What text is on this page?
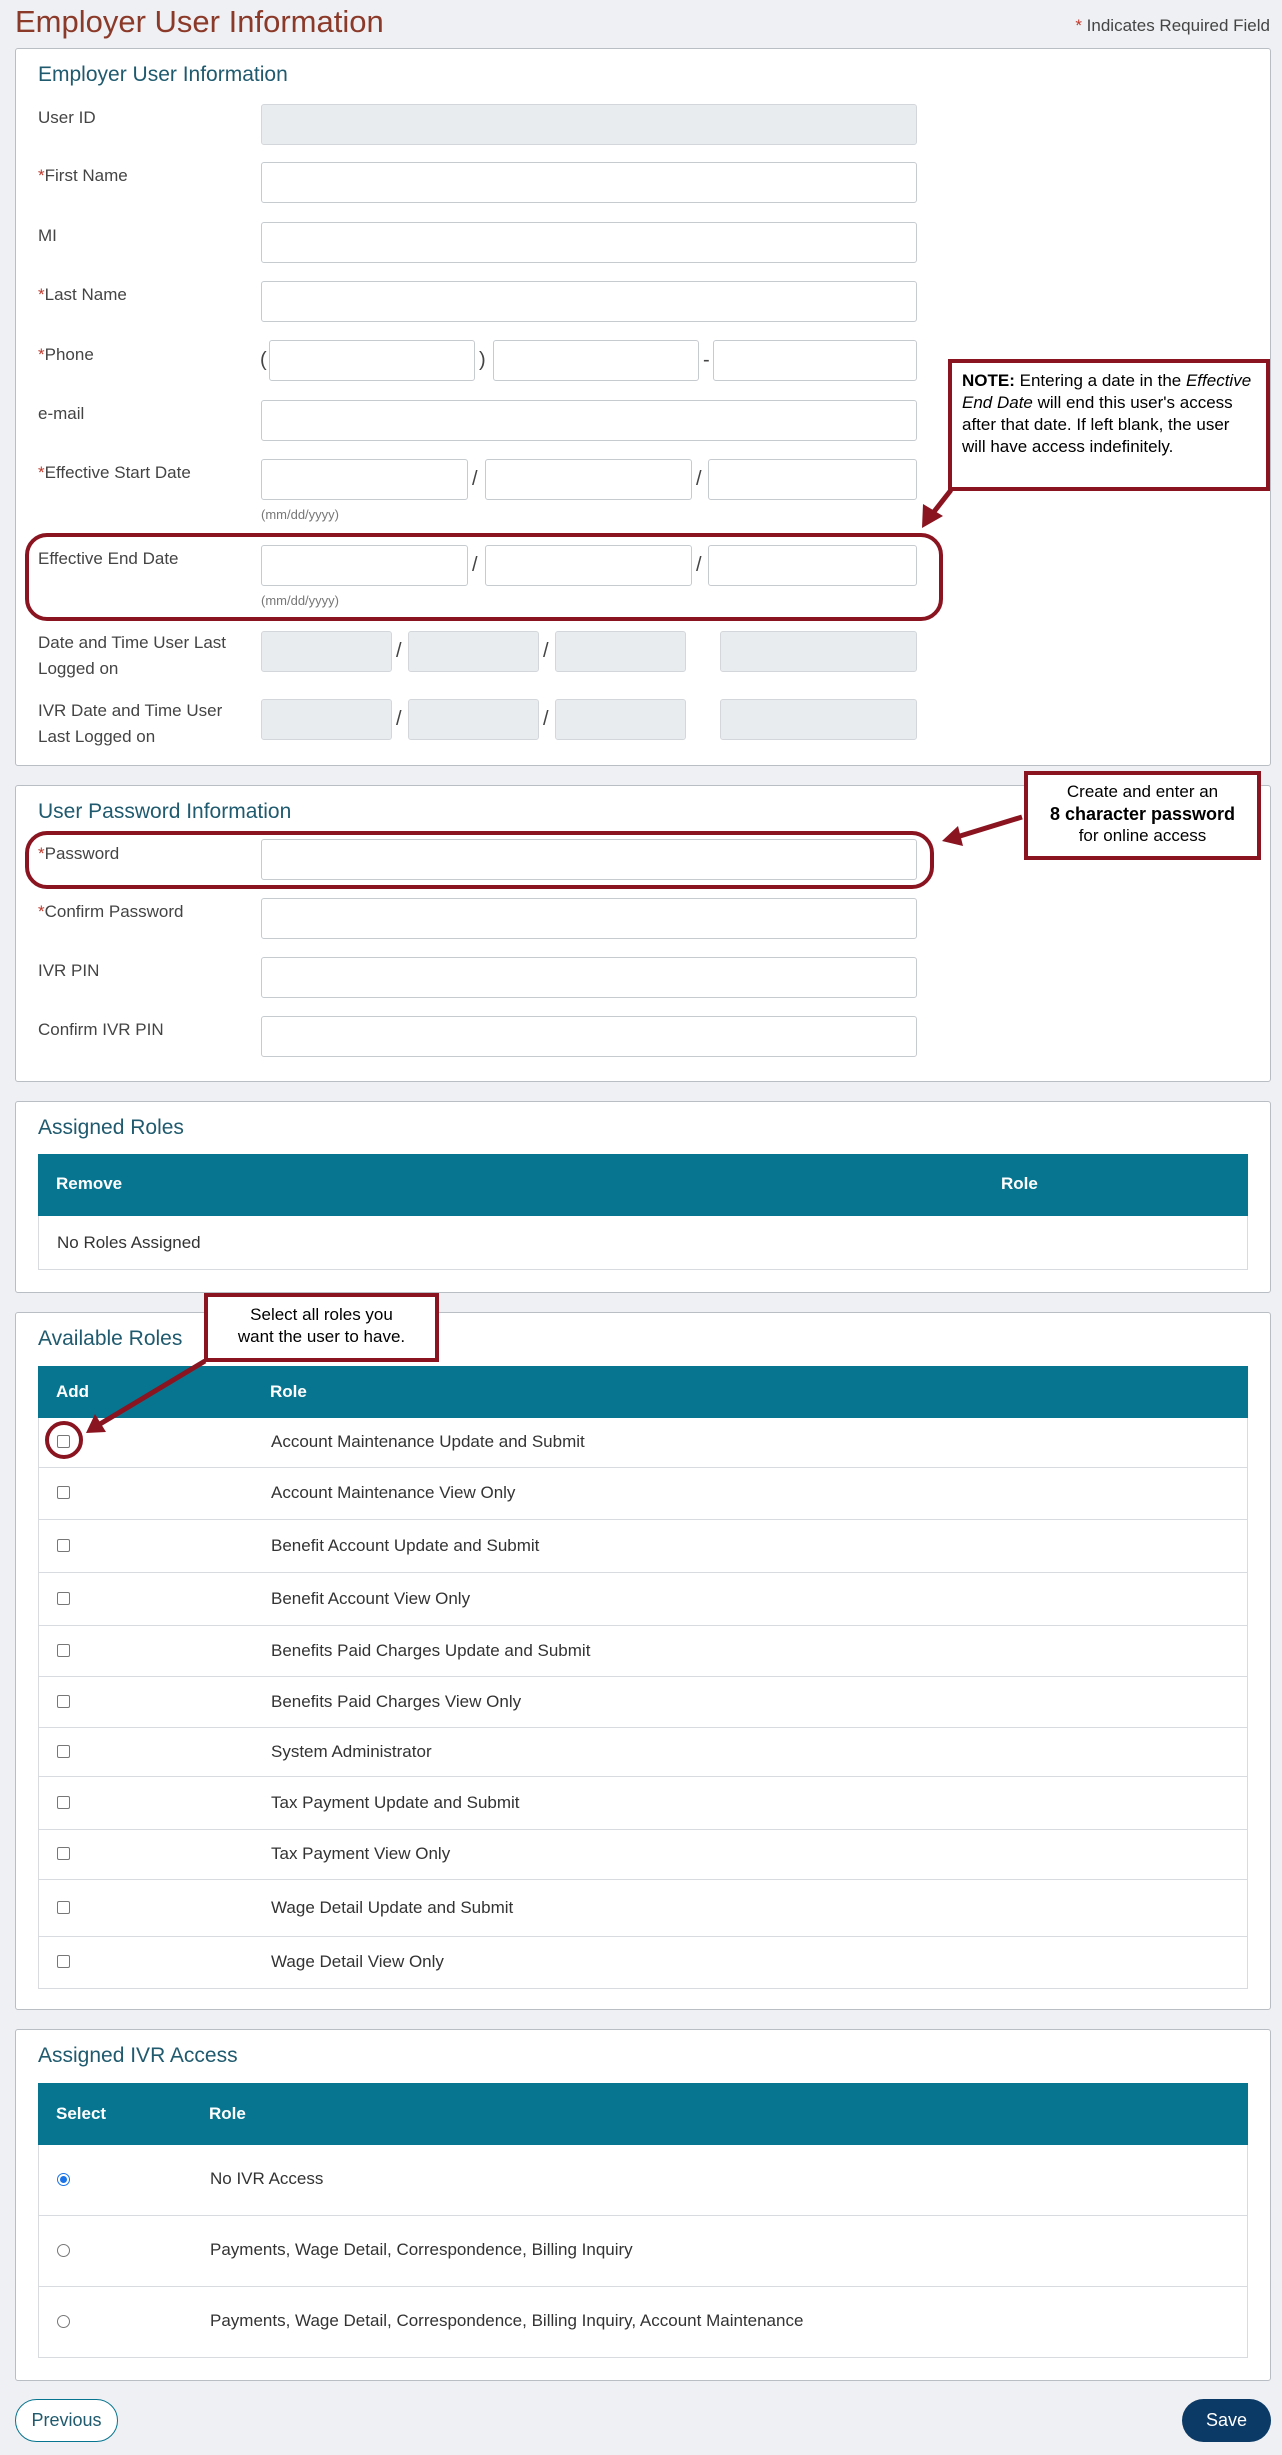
Employer User Information	* Indicates Required Field
Employer User Information
User ID
*First Name
MI
*Last Name
*Phone	(	)	-
e-mail
*Effective Start Date	/	/
(mm/dd/yyyy)
Effective End Date	/	/
(mm/dd/yyyy)
Date and Time User Last
Logged on
/	/
IVR Date and Time User
Last Logged on
/	/
User Password Information
*Password
*Confirm Password
IVR PIN
Confirm IVR PIN
Assigned Roles
Remove	Role
No Roles Assigned
Available Roles
Add	Role
Account Maintenance Update and Submit
Account Maintenance View Only
Benefit Account Update and Submit
Benefit Account View Only
Benefits Paid Charges Update and Submit
Benefits Paid Charges View Only
System Administrator
Tax Payment Update and Submit
Tax Payment View Only
Wage Detail Update and Submit
Wage Detail View Only
Assigned IVR Access
Select	Role
No IVR Access
Payments, Wage Detail, Correspondence, Billing Inquiry
Payments, Wage Detail, Correspondence, Billing Inquiry, Account Maintenance
Previous	Save
NOTE: Entering a date in the Effective End Date will end this user's access after that date. If left blank, the user will have access indefinitely.
Create and enter an
8 character password
for online access
Select all roles you
want the user to have.
